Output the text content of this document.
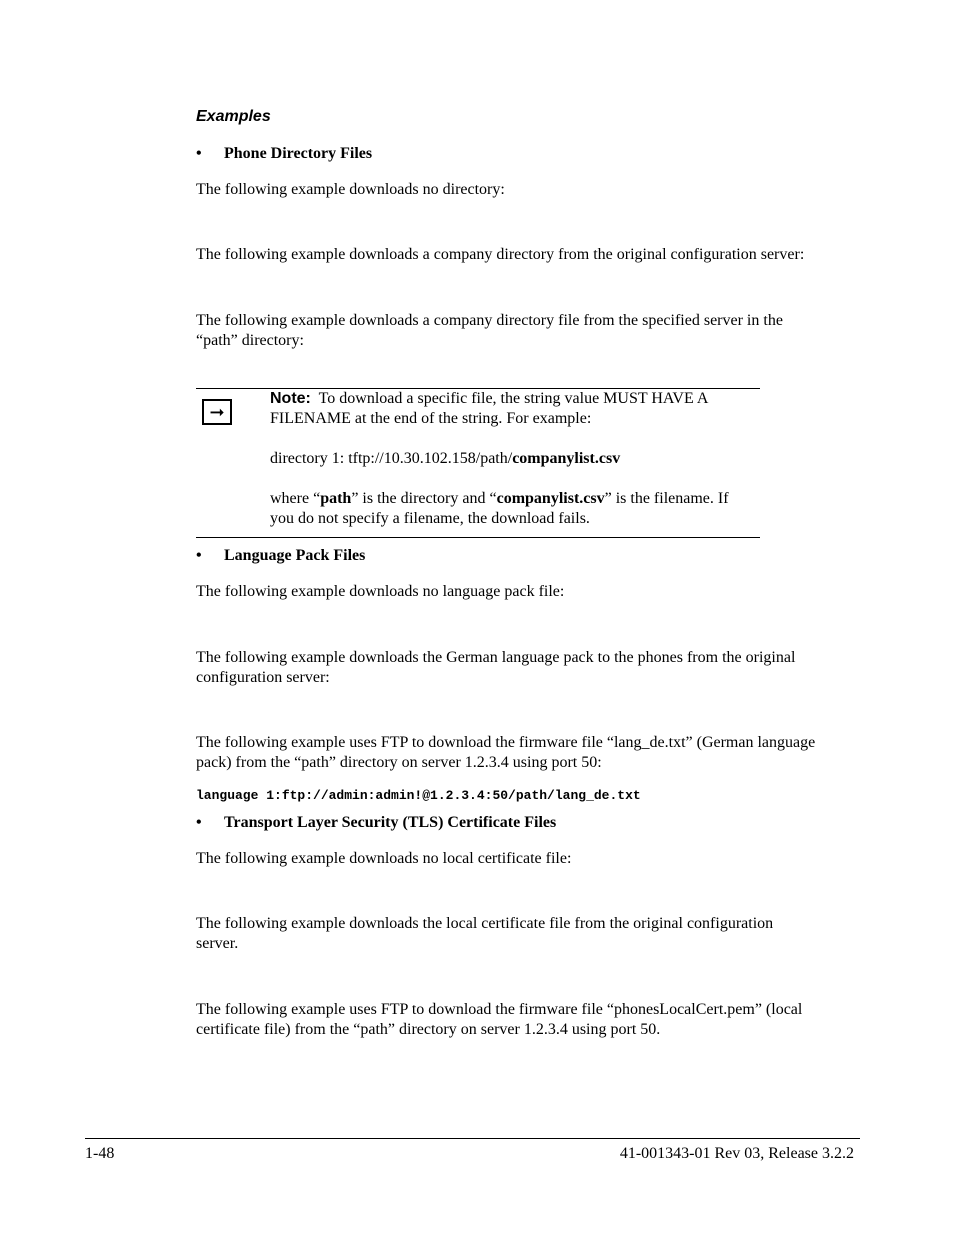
Examples
• Phone Directory Files
The following example downloads no directory:
The following example downloads a company directory from the original configuration server:
The following example downloads a company directory file from the specified server in the
“path” directory:
➞
Note: To download a specific file, the string value MUST HAVE A
FILENAME at the end of the string. For example:
directory 1: tftp://10.30.102.158/path/companylist.csv
where “path” is the directory and “companylist.csv” is the filename. If
you do not specify a filename, the download fails.
• Language Pack Files
The following example downloads no language pack file:
The following example downloads the German language pack to the phones from the original
configuration server:
The following example uses FTP to download the firmware file “lang_de.txt” (German language
pack) from the “path” directory on server 1.2.3.4 using port 50:
language 1:ftp://admin:admin!@1.2.3.4:50/path/lang_de.txt
• Transport Layer Security (TLS) Certificate Files
The following example downloads no local certificate file:
The following example downloads the local certificate file from the original configuration
server.
The following example uses FTP to download the firmware file “phonesLocalCert.pem” (local
certificate file) from the “path” directory on server 1.2.3.4 using port 50.
1-48	41-001343-01 Rev 03, Release 3.2.2
